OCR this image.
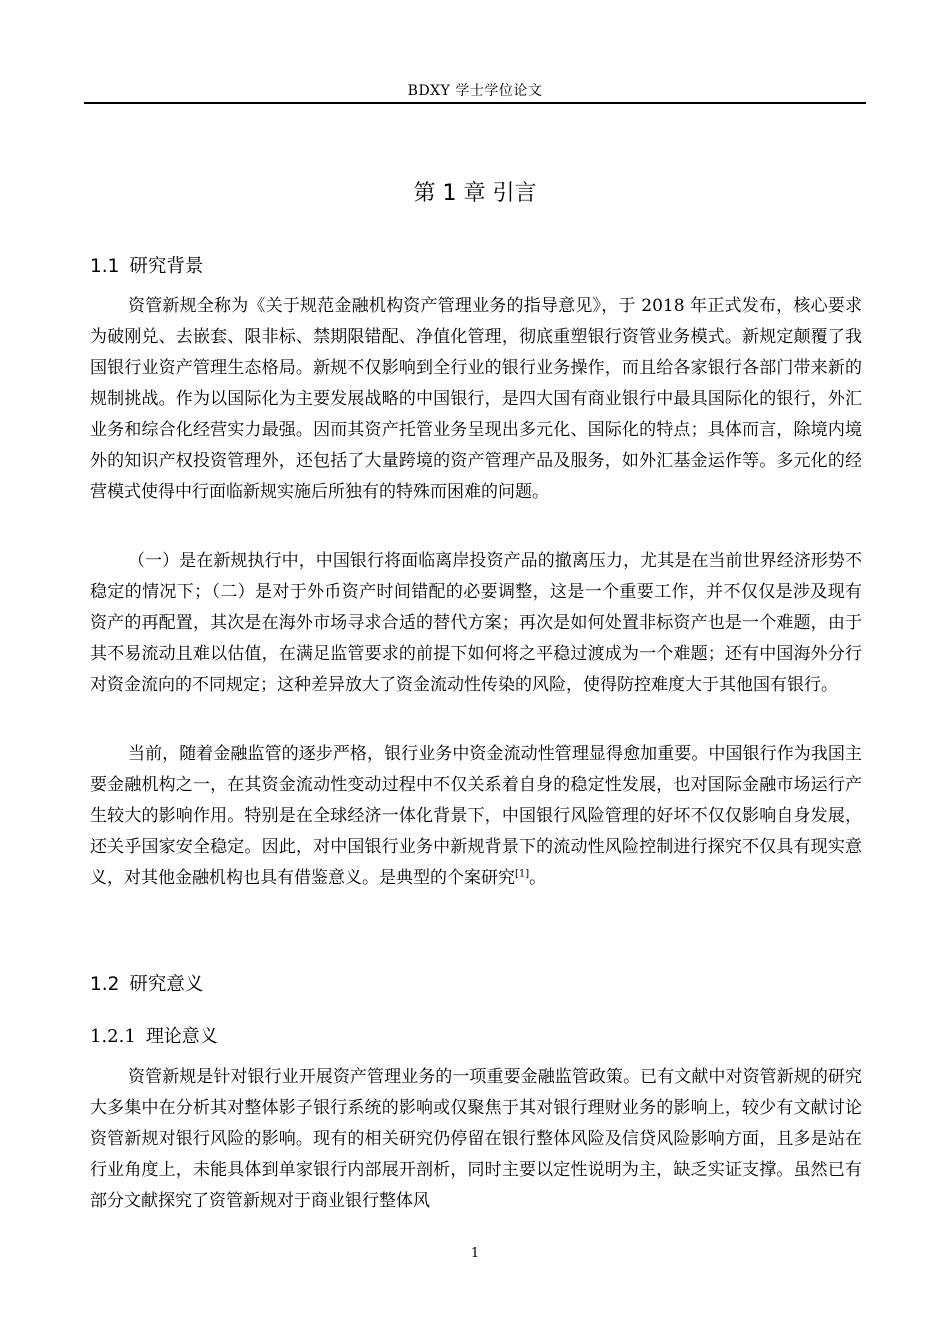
BDXY 学士学位论文
第 1 章 引言
1.1 研究背景

资管新规全称为《关于规范金融机构资产管理业务的指导意见》，于 2018 年正式发布，核心要求为破刚兑、去嵌套、限非标、禁期限错配、净值化管理，彻底重塑银行资管业务模式。新规定颠覆了我国银行业资产管理生态格局。新规不仅影响到全行业的银行业务操作，而且给各家银行各部门带来新的规制挑战。作为以国际化为主要发展战略的中国银行，是四大国有商业银行中最具国际化的银行，外汇业务和综合化经营实力最强。因而其资产托管业务呈现出多元化、国际化的特点；具体而言，除境内境外的知识产权投资管理外，还包括了大量跨境的资产管理产品及服务，如外汇基金运作等。多元化的经营模式使得中行面临新规实施后所独有的特殊而困难的问题。

（一）是在新规执行中，中国银行将面临离岸投资产品的撤离压力，尤其是在当前世界经济形势不稳定的情况下；（二）是对于外币资产时间错配的必要调整，这是一个重要工作，并不仅仅是涉及现有资产的再配置，其次是在海外市场寻求合适的替代方案；再次是如何处置非标资产也是一个难题，由于其不易流动且难以估值，在满足监管要求的前提下如何将之平稳过渡成为一个难题；还有中国海外分行对资金流向的不同规定；这种差异放大了资金流动性传染的风险，使得防控难度大于其他国有银行。

当前，随着金融监管的逐步严格，银行业务中资金流动性管理显得愈加重要。中国银行作为我国主要金融机构之一，在其资金流动性变动过程中不仅关系着自身的稳定性发展，也对国际金融市场运行产生较大的影响作用。特别是在全球经济一体化背景下，中国银行风险管理的好坏不仅仅影响自身发展，还关乎国家安全稳定。因此，对中国银行业务中新规背景下的流动性风险控制进行探究不仅具有现实意义，对其他金融机构也具有借鉴意义。是典型的个案研究[1]。

1.2 研究意义
1.2.1 理论意义

资管新规是针对银行业开展资产管理业务的一项重要金融监管政策。已有文献中对资管新规的研究大多集中在分析其对整体影子银行系统的影响或仅聚焦于其对银行理财业务的影响上，较少有文献讨论资管新规对银行风险的影响。现有的相关研究仍停留在银行整体风险及信贷风险影响方面，且多是站在行业角度上，未能具体到单家银行内部展开剖析，同时主要以定性说明为主，缺乏实证支撑。虽然已有部分文献探究了资管新规对于商业银行整体风

1
